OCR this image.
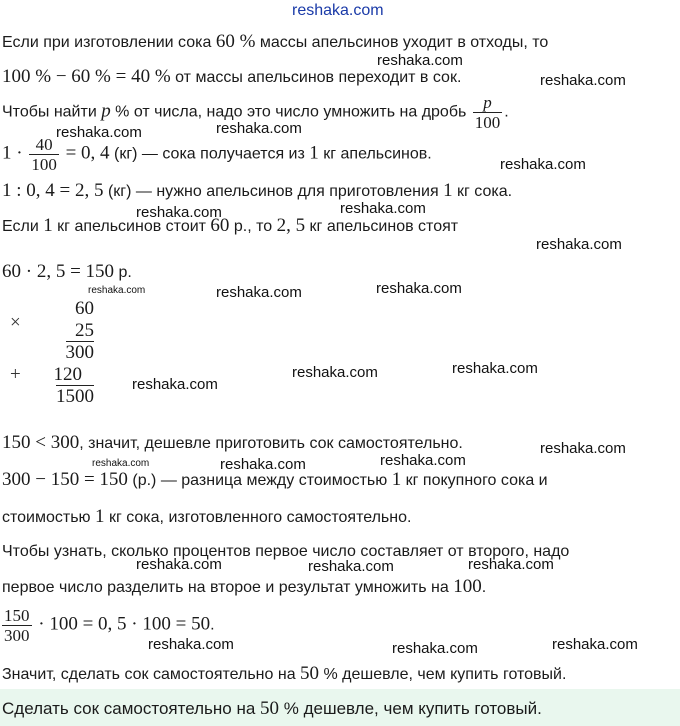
reshaka.com
Если при изготовлении сока 60 % массы апельсинов уходит в отходы, то
100 % − 60 % = 40 % от массы апельсинов переходит в сок.
Чтобы найти p % от числа, надо это число умножить на дробь $\frac{p}{100}$ .
$1 \cdot \frac{40}{100} = 0$, 4 (кг) — сока получается из 1 кг апельсинов.
1 : 0, 4 = 2, 5 (кг) — нужно апельсинов для приготовления 1 кг сока.
Если 1 кг апельсинов стоит 60 р., то 2, 5 кг апельсинов стоят
60 · 2, 5 = 150 р.
×
+
60
25
300
120
1500
150 < 300, значит, дешевле приготовить сок самостоятельно.
300 − 150 = 150 (р.) — разница между стоимостью 1 кг покупного сока и
стоимостью 1 кг сока, изготовленного самостоятельно.
Чтобы узнать, сколько процентов первое число составляет от второго, надо
первое число разделить на второе и результат умножить на 100.
$\frac{150}{300} \cdot 100 = 0$, 5 · 100 = 50.
Значит, сделать сок самостоятельно на 50 % дешевле, чем купить готовый.
Сделать сок самостоятельно на 50 % дешевле, чем купить готовый.
reshaka.com
reshaka.com
reshaka.com	reshaka.com
reshaka.com
reshaka.com
reshaka.com
reshaka.com
reshaka.com	reshaka.com	reshaka.com
reshaka.com
reshaka.com	reshaka.com
reshaka.com
reshaka.com	reshaka.com	reshaka.com
reshaka.com	reshaka.com	reshaka.com
reshaka.com	reshaka.com	reshaka.com
